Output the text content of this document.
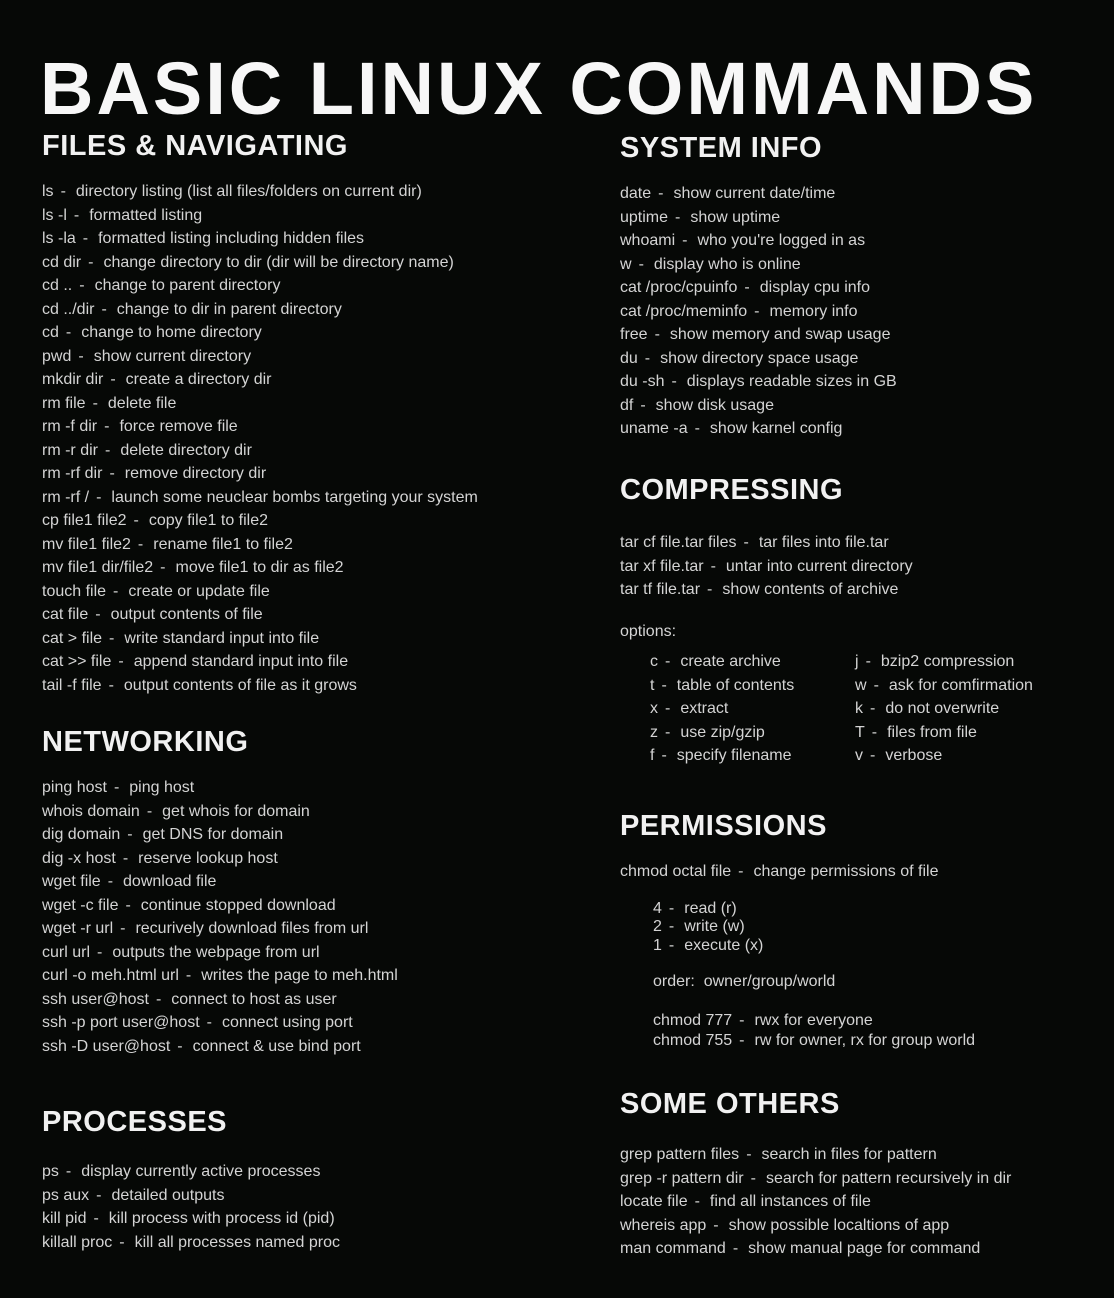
BASIC LINUX COMMANDS
FILES & NAVIGATING
ls - directory listing (list all files/folders on current dir)
ls -l - formatted listing
ls -la - formatted listing including hidden files
cd dir - change directory to dir (dir will be directory name)
cd .. - change to parent directory
cd ../dir - change to dir in parent directory
cd - change to home directory
pwd - show current directory
mkdir dir - create a directory dir
rm file - delete file
rm -f dir - force remove file
rm -r dir - delete directory dir
rm -rf dir - remove directory dir
rm -rf / - launch some neuclear bombs targeting your system
cp file1 file2 - copy file1 to file2
mv file1 file2 - rename file1 to file2
mv file1 dir/file2 - move file1 to dir as file2
touch file - create or update file
cat file - output contents of file
cat > file - write standard input into file
cat >> file - append standard input into file
tail -f file - output contents of file as it grows
NETWORKING
ping host - ping host
whois domain - get whois for domain
dig domain - get DNS for domain
dig -x host - reserve lookup host
wget file - download file
wget -c file - continue stopped download
wget -r url - recurively download files from url
curl url - outputs the webpage from url
curl -o meh.html url - writes the page to meh.html
ssh user@host - connect to host as user
ssh -p port user@host - connect using port
ssh -D user@host - connect & use bind port
PROCESSES
ps - display currently active processes
ps aux - detailed outputs
kill pid - kill process with process id (pid)
killall proc - kill all processes named proc
SYSTEM INFO
date - show current date/time
uptime - show uptime
whoami - who you're logged in as
w - display who is online
cat /proc/cpuinfo - display cpu info
cat /proc/meminfo - memory info
free - show memory and swap usage
du - show directory space usage
du -sh - displays readable sizes in GB
df - show disk usage
uname -a - show karnel config
COMPRESSING
tar cf file.tar files - tar files into file.tar
tar xf file.tar - untar into current directory
tar tf file.tar - show contents of archive
options:
c - create archive
t - table of contents
x - extract
z - use zip/gzip
f - specify filename
j - bzip2 compression
w - ask for comfirmation
k - do not overwrite
T - files from file
v - verbose
PERMISSIONS
chmod octal file - change permissions of file
4 - read (r)
2 - write (w)
1 - execute (x)
order:  owner/group/world
chmod 777 - rwx for everyone
chmod 755 - rw for owner, rx for group world
SOME OTHERS
grep pattern files - search in files for pattern
grep -r pattern dir - search for pattern recursively in dir
locate file - find all instances of file
whereis app - show possible localtions of app
man command - show manual page for command
